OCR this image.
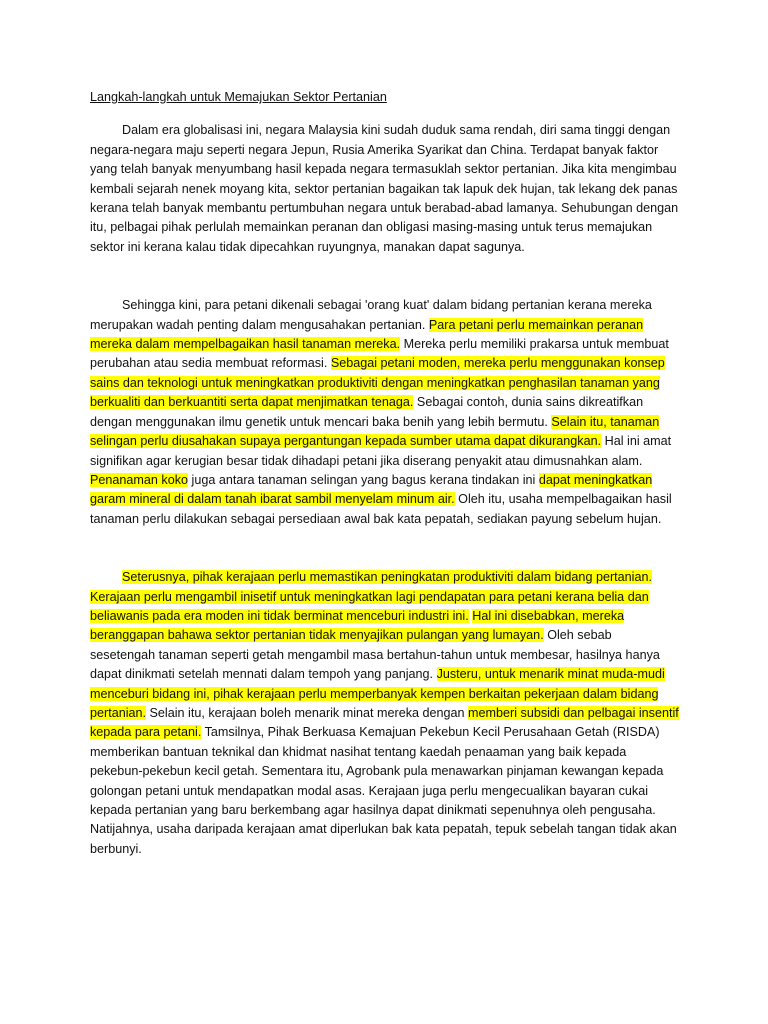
Langkah-langkah untuk Memajukan Sektor Pertanian

Dalam era globalisasi ini, negara Malaysia kini sudah duduk sama rendah, diri sama tinggi dengan negara-negara maju seperti negara Jepun, Rusia Amerika Syarikat dan China. Terdapat banyak faktor yang telah banyak menyumbang hasil kepada negara termasuklah sektor pertanian. Jika kita mengimbau kembali sejarah nenek moyang kita, sektor pertanian bagaikan tak lapuk dek hujan, tak lekang dek panas kerana telah banyak membantu pertumbuhan negara untuk berabad-abad lamanya. Sehubungan dengan itu, pelbagai pihak perlulah memainkan peranan dan obligasi masing-masing untuk terus memajukan sektor ini kerana kalau tidak dipecahkan ruyungnya, manakan dapat sagunya.

Sehingga kini, para petani dikenali sebagai 'orang kuat' dalam bidang pertanian kerana mereka merupakan wadah penting dalam mengusahakan pertanian. Para petani perlu memainkan peranan mereka dalam mempelbagaikan hasil tanaman mereka. Mereka perlu memiliki prakarsa untuk membuat perubahan atau sedia membuat reformasi. Sebagai petani moden, mereka perlu menggunakan konsep sains dan teknologi untuk meningkatkan produktiviti dengan meningkatkan penghasilan tanaman yang berkualiti dan berkuantiti serta dapat menjimatkan tenaga. Sebagai contoh, dunia sains dikreatifkan dengan menggunakan ilmu genetik untuk mencari baka benih yang lebih bermutu. Selain itu, tanaman selingan perlu diusahakan supaya pergantungan kepada sumber utama dapat dikurangkan. Hal ini amat signifikan agar kerugian besar tidak dihadapi petani jika diserang penyakit atau dimusnahkan alam. Penanaman koko juga antara tanaman selingan yang bagus kerana tindakan ini dapat meningkatkan garam mineral di dalam tanah ibarat sambil menyelam minum air. Oleh itu, usaha mempelbagaikan hasil tanaman perlu dilakukan sebagai persediaan awal bak kata pepatah, sediakan payung sebelum hujan.

Seterusnya, pihak kerajaan perlu memastikan peningkatan produktiviti dalam bidang pertanian. Kerajaan perlu mengambil inisetif untuk meningkatkan lagi pendapatan para petani kerana belia dan beliawanis pada era moden ini tidak berminat menceburi industri ini. Hal ini disebabkan, mereka beranggapan bahawa sektor pertanian tidak menyajikan pulangan yang lumayan. Oleh sebab sesetengah tanaman seperti getah mengambil masa bertahun-tahun untuk membesar, hasilnya hanya dapat dinikmati setelah mennati dalam tempoh yang panjang. Justeru, untuk menarik minat muda-mudi menceburi bidang ini, pihak kerajaan perlu memperbanyak kempen berkaitan pekerjaan dalam bidang pertanian. Selain itu, kerajaan boleh menarik minat mereka dengan memberi subsidi dan pelbagai insentif kepada para petani. Tamsilnya, Pihak Berkuasa Kemajuan Pekebun Kecil Perusahaan Getah (RISDA) memberikan bantuan teknikal dan khidmat nasihat tentang kaedah penaaman yang baik kepada pekebun-pekebun kecil getah. Sementara itu, Agrobank pula menawarkan pinjaman kewangan kepada golongan petani untuk mendapatkan modal asas. Kerajaan juga perlu mengecualikan bayaran cukai kepada pertanian yang baru berkembang agar hasilnya dapat dinikmati sepenuhnya oleh pengusaha. Natijahnya, usaha daripada kerajaan amat diperlukan bak kata pepatah, tepuk sebelah tangan tidak akan berbunyi.
